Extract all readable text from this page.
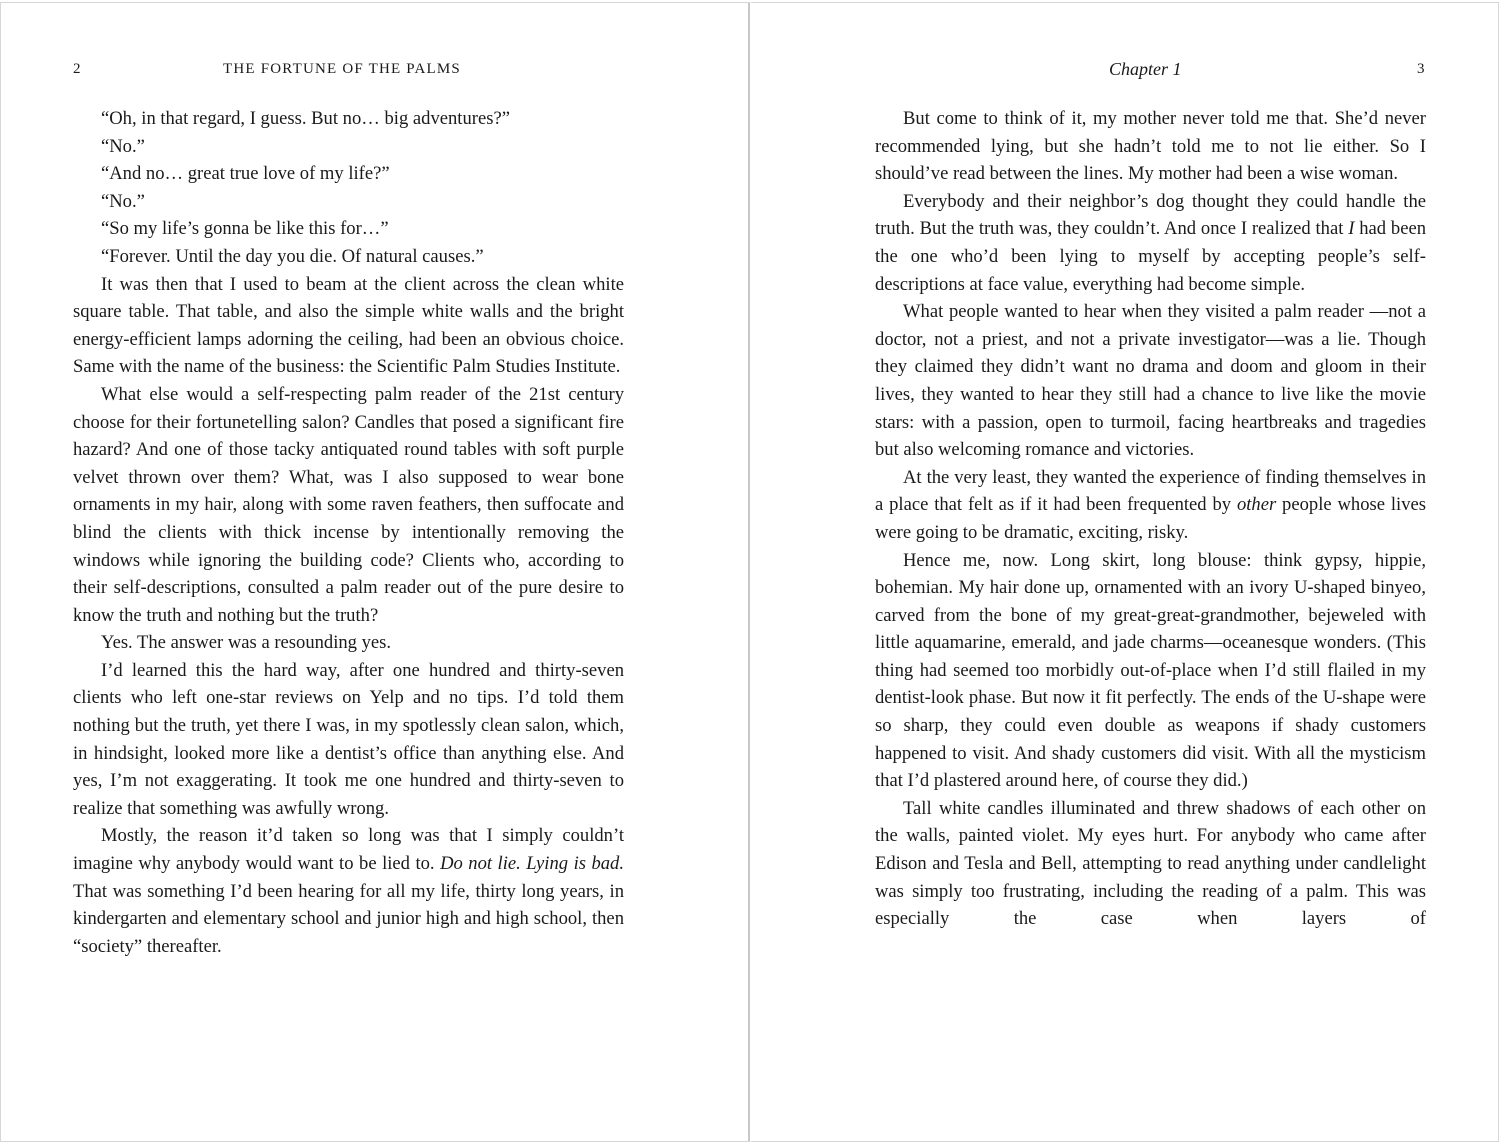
2	THE FORTUNE OF THE PALMS

“Oh, in that regard, I guess. But no… big adventures?”

“No.”

“And no… great true love of my life?”

“No.”

“So my life’s gonna be like this for…”

“Forever. Until the day you die. Of natural causes.”

It was then that I used to beam at the client across the clean white square table. That table, and also the simple white walls and the bright energy-efficient lamps adorning the ceiling, had been an obvious choice. Same with the name of the business: the Scientific Palm Studies Institute.

What else would a self-respecting palm reader of the 21st century choose for their fortunetelling salon? Candles that posed a significant fire hazard? And one of those tacky antiquated round tables with soft purple velvet thrown over them? What, was I also supposed to wear bone ornaments in my hair, along with some raven feathers, then suffocate and blind the clients with thick incense by intentionally removing the windows while ignoring the building code? Clients who, according to their self-descriptions, consulted a palm reader out of the pure desire to know the truth and nothing but the truth?

Yes. The answer was a resounding yes.

I’d learned this the hard way, after one hundred and thirty-seven clients who left one-star reviews on Yelp and no tips. I’d told them nothing but the truth, yet there I was, in my spotlessly clean salon, which, in hindsight, looked more like a dentist’s office than anything else. And yes, I’m not exaggerating. It took me one hundred and thirty-seven to realize that something was awfully wrong.

Mostly, the reason it’d taken so long was that I simply couldn’t imagine why anybody would want to be lied to. Do not lie. Lying is bad. That was something I’d been hearing for all my life, thirty long years, in kindergarten and elementary school and junior high and high school, then “society” thereafter.

Chapter 1	3

But come to think of it, my mother never told me that. She’d never recommended lying, but she hadn’t told me to not lie either. So I should’ve read between the lines. My mother had been a wise woman.

Everybody and their neighbor’s dog thought they could handle the truth. But the truth was, they couldn’t. And once I realized that I had been the one who’d been lying to myself by accepting people’s self-descriptions at face value, everything had become simple.

What people wanted to hear when they visited a palm reader —not a doctor, not a priest, and not a private investigator—was a lie. Though they claimed they didn’t want no drama and doom and gloom in their lives, they wanted to hear they still had a chance to live like the movie stars: with a passion, open to turmoil, facing heartbreaks and tragedies but also welcoming romance and victories.

At the very least, they wanted the experience of finding themselves in a place that felt as if it had been frequented by other people whose lives were going to be dramatic, exciting, risky.

Hence me, now. Long skirt, long blouse: think gypsy, hippie, bohemian. My hair done up, ornamented with an ivory U-shaped binyeo, carved from the bone of my great-great-grandmother, bejeweled with little aquamarine, emerald, and jade charms—oceanesque wonders. (This thing had seemed too morbidly out-of-place when I’d still flailed in my dentist-look phase. But now it fit perfectly. The ends of the U-shape were so sharp, they could even double as weapons if shady customers happened to visit. And shady customers did visit. With all the mysticism that I’d plastered around here, of course they did.)

Tall white candles illuminated and threw shadows of each other on the walls, painted violet. My eyes hurt. For anybody who came after Edison and Tesla and Bell, attempting to read anything under candlelight was simply too frustrating, including the reading of a palm. This was especially the case when layers of
